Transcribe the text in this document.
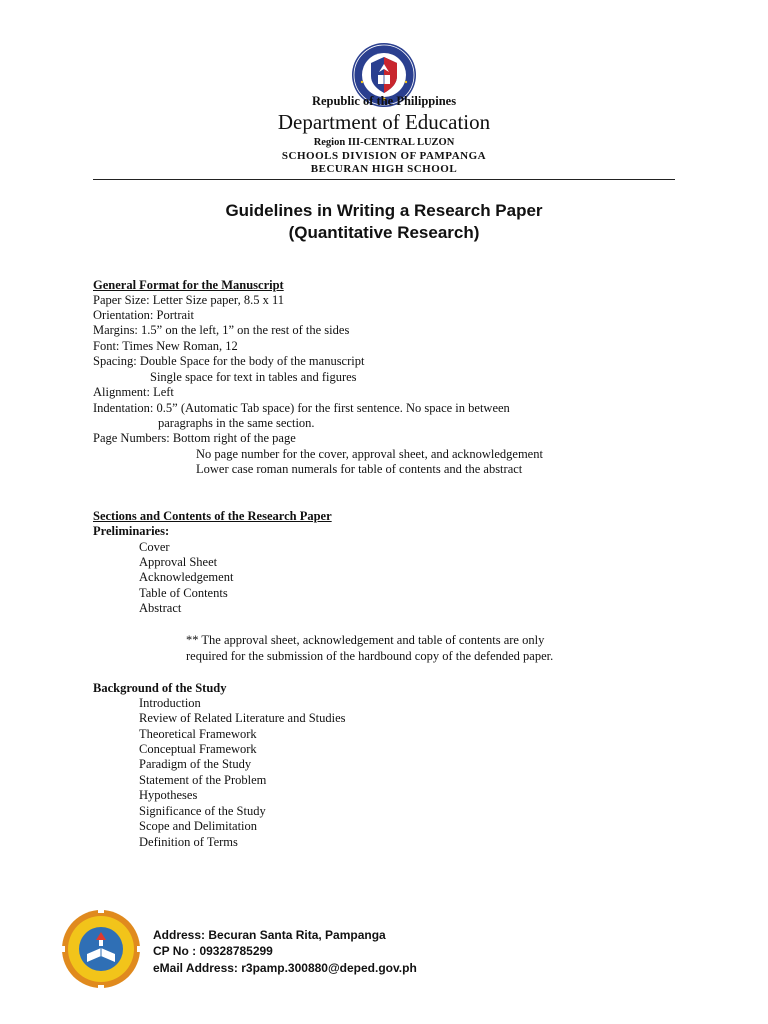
Republic of the Philippines
Department of Education
Region III-CENTRAL LUZON
SCHOOLS DIVISION OF PAMPANGA
BECURAN HIGH SCHOOL
Guidelines in Writing a Research Paper
(Quantitative Research)
General Format for the Manuscript
Paper Size: Letter Size paper, 8.5 x 11
Orientation: Portrait
Margins: 1.5” on the left, 1” on the rest of the sides
Font: Times New Roman, 12
Spacing: Double Space for the body of the manuscript
Single space for text in tables and figures
Alignment: Left
Indentation: 0.5” (Automatic Tab space) for the first sentence. No space in between
paragraphs in the same section.
Page Numbers: Bottom right of the page
No page number for the cover, approval sheet, and acknowledgement
Lower case roman numerals for table of contents and the abstract
Sections and Contents of the Research Paper
Preliminaries:
Cover
Approval Sheet
Acknowledgement
Table of Contents
Abstract
** The approval sheet, acknowledgement and table of contents are only
required for the submission of the hardbound copy of the defended paper.
Background of the Study
Introduction
Review of Related Literature and Studies
Theoretical Framework
Conceptual Framework
Paradigm of the Study
Statement of the Problem
Hypotheses
Significance of the Study
Scope and Delimitation
Definition of Terms
Address: Becuran Santa Rita, Pampanga
CP No : 09328785299
eMail Address: r3pamp.300880@deped.gov.ph
